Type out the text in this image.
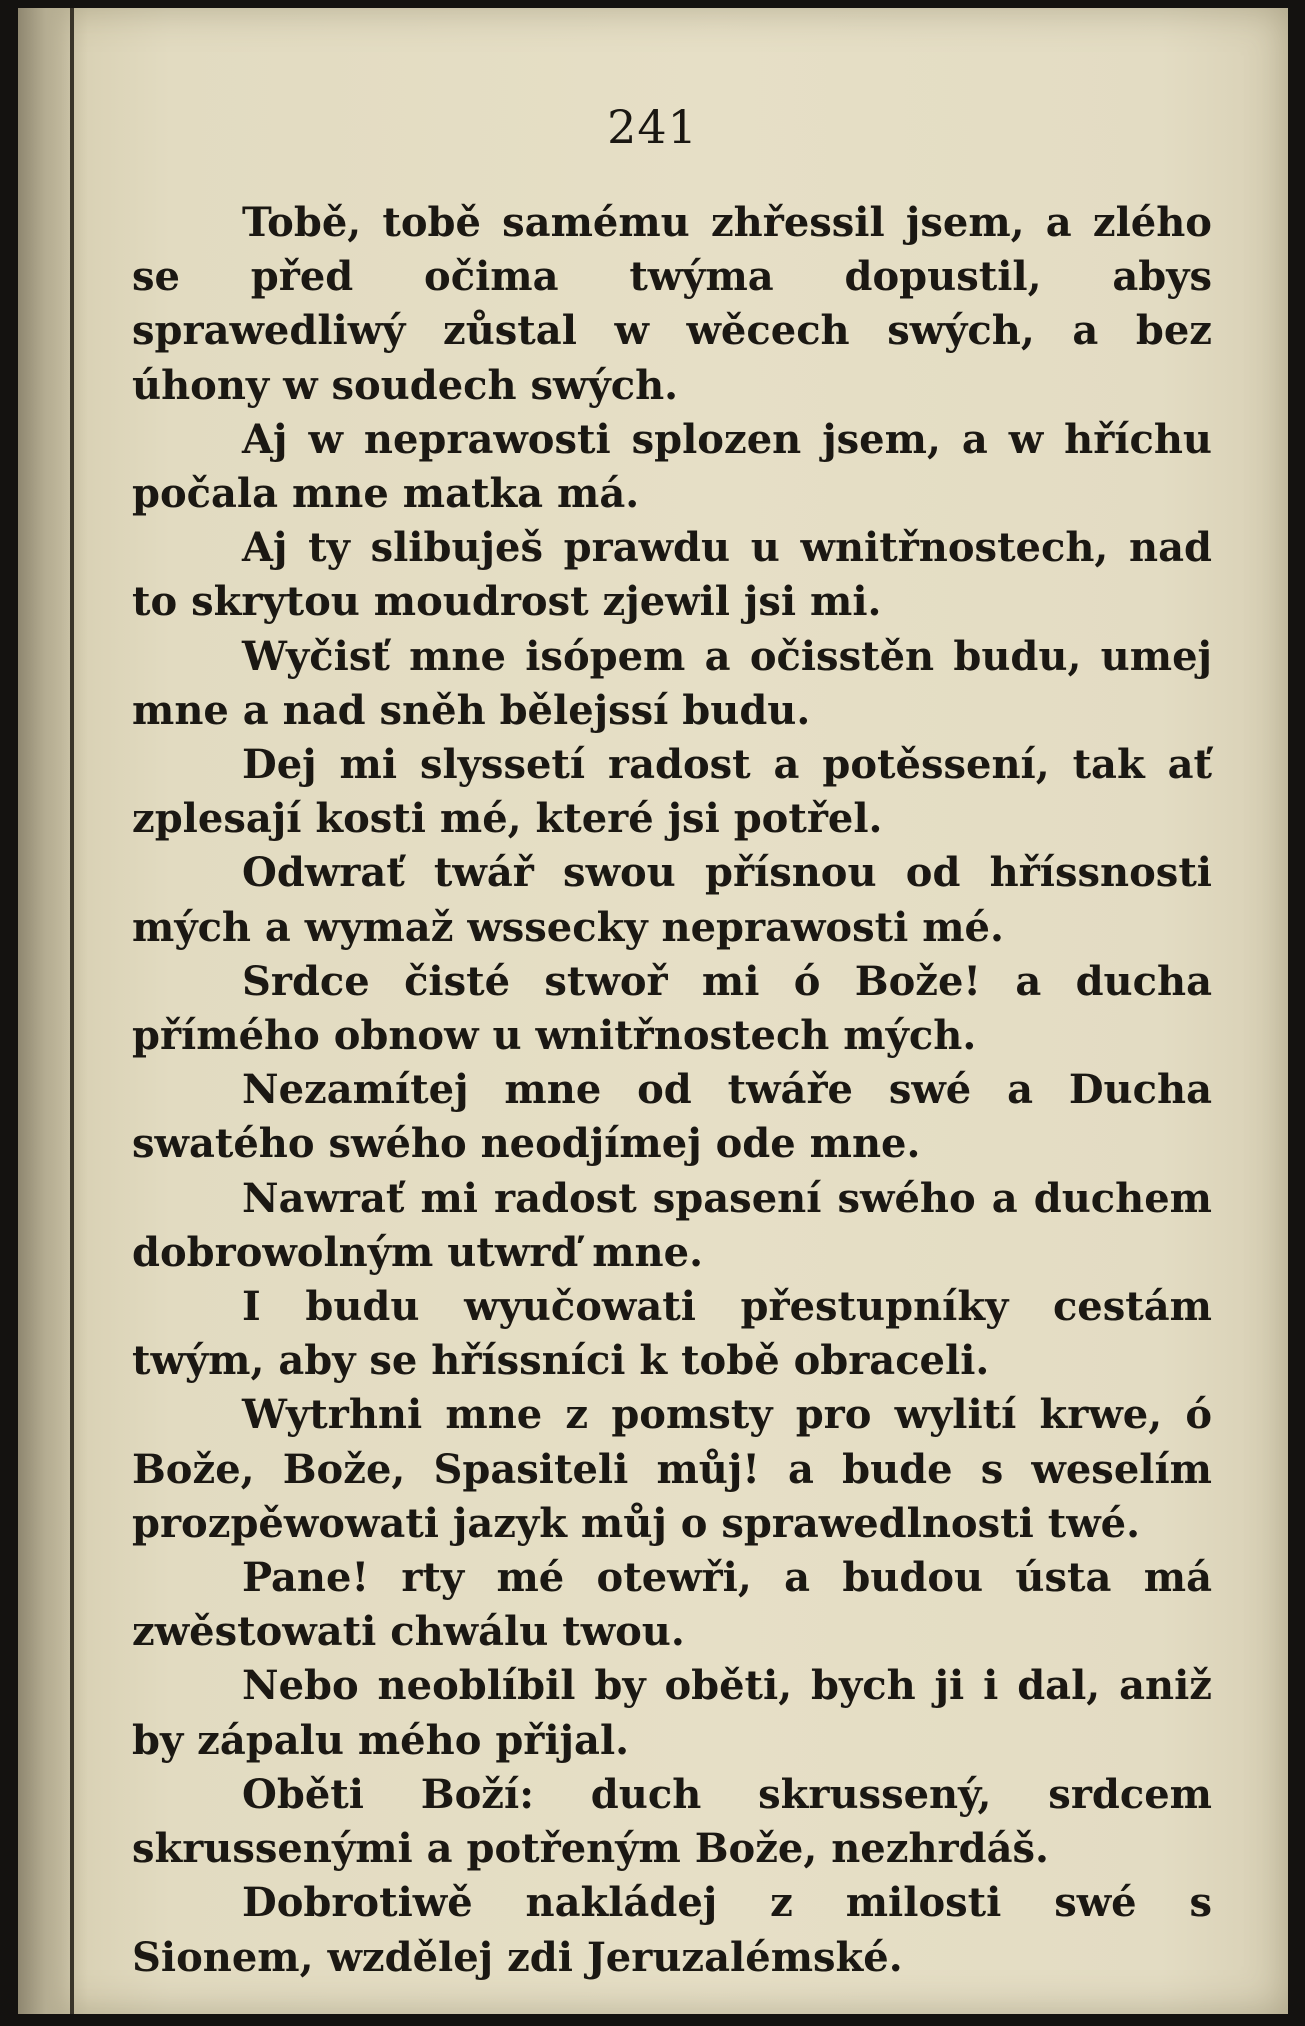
241

Tobě, tobě samému zhřessil jsem, a zlého se před očima twýma dopustil, abys sprawedliwý zůstal w wěcech swých, a bez úhony w soudech swých.

Aj w neprawosti splozen jsem, a w hříchu počala mne matka má.

Aj ty slibuješ prawdu u wnitřnostech, nad to skrytou moudrost zjewil jsi mi.

Wyčisť mne isópem a očisstěn budu, umej mne a nad sněh bělejssí budu.

Dej mi slyssetí radost a potěssení, tak ať zplesají kosti mé, které jsi potřel.

Odwrať twář swou přísnou od hříssnosti mých a wymaž wssecky neprawosti mé.

Srdce čisté stwoř mi ó Bože! a ducha přímého obnow u wnitřnostech mých.

Nezamítej mne od twáře swé a Ducha swatého swého neodjímej ode mne.

Nawrať mi radost spasení swého a duchem dobrowolným utwrď mne.

I budu wyučowati přestupníky cestám twým, aby se hříssníci k tobě obraceli.

Wytrhni mne z pomsty pro wylití krwe, ó Bože, Bože, Spasiteli můj! a bude s weselím prozpěwowati jazyk můj o sprawedlnosti twé.

Pane! rty mé otewři, a budou ústa má zwěstowati chwálu twou.

Nebo neoblíbil by oběti, bych ji i dal, aniž by zápalu mého přijal.

Oběti Boží: duch skrussený, srdcem skrussenými a potřeným Bože, nezhrdáš.

Dobrotiwě nakládej z milosti swé s Sionem, wzdělej zdi Jeruzalémské.
